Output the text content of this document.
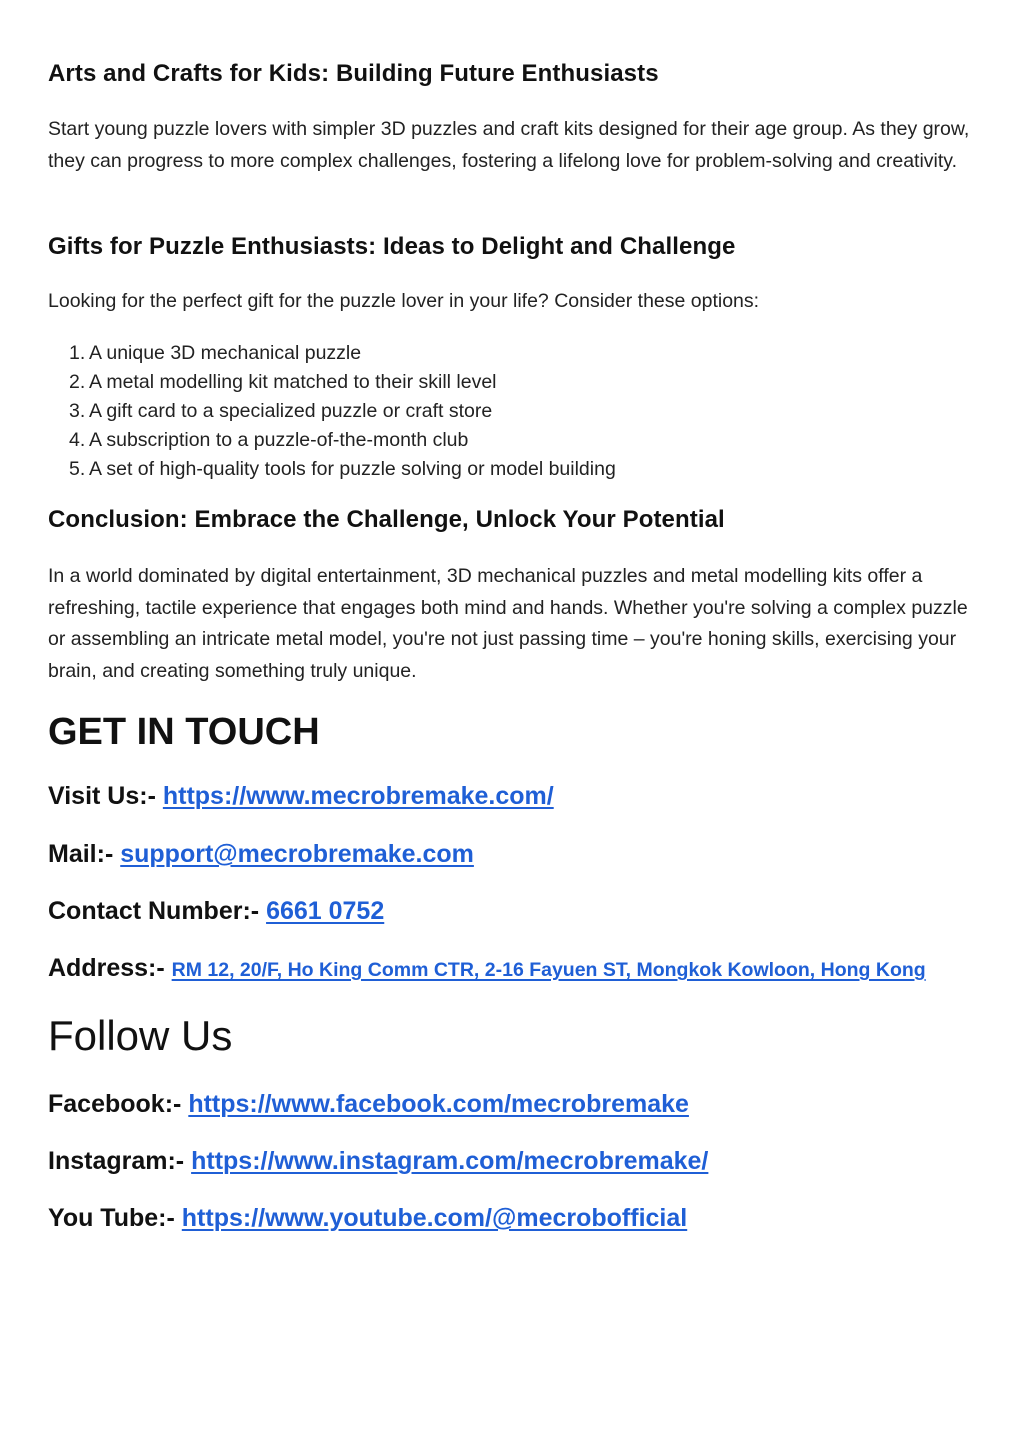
Arts and Crafts for Kids: Building Future Enthusiasts

Start young puzzle lovers with simpler 3D puzzles and craft kits designed for their age group. As they grow, they can progress to more complex challenges, fostering a lifelong love for problem-solving and creativity.

Gifts for Puzzle Enthusiasts: Ideas to Delight and Challenge

Looking for the perfect gift for the puzzle lover in your life? Consider these options:

1. A unique 3D mechanical puzzle
2. A metal modelling kit matched to their skill level
3. A gift card to a specialized puzzle or craft store
4. A subscription to a puzzle-of-the-month club
5. A set of high-quality tools for puzzle solving or model building
Conclusion: Embrace the Challenge, Unlock Your Potential

In a world dominated by digital entertainment, 3D mechanical puzzles and metal modelling kits offer a refreshing, tactile experience that engages both mind and hands. Whether you're solving a complex puzzle or assembling an intricate metal model, you're not just passing time – you're honing skills, exercising your brain, and creating something truly unique.

GET IN TOUCH
Visit Us:- https://www.mecrobremake.com/
Mail:- support@mecrobremake.com
Contact Number:- 6661 0752
Address:- RM 12, 20/F, Ho King Comm CTR, 2-16 Fayuen ST, Mongkok Kowloon, Hong Kong
Follow Us
Facebook:- https://www.facebook.com/mecrobremake
Instagram:- https://www.instagram.com/mecrobremake/
You Tube:- https://www.youtube.com/@mecrobofficial
